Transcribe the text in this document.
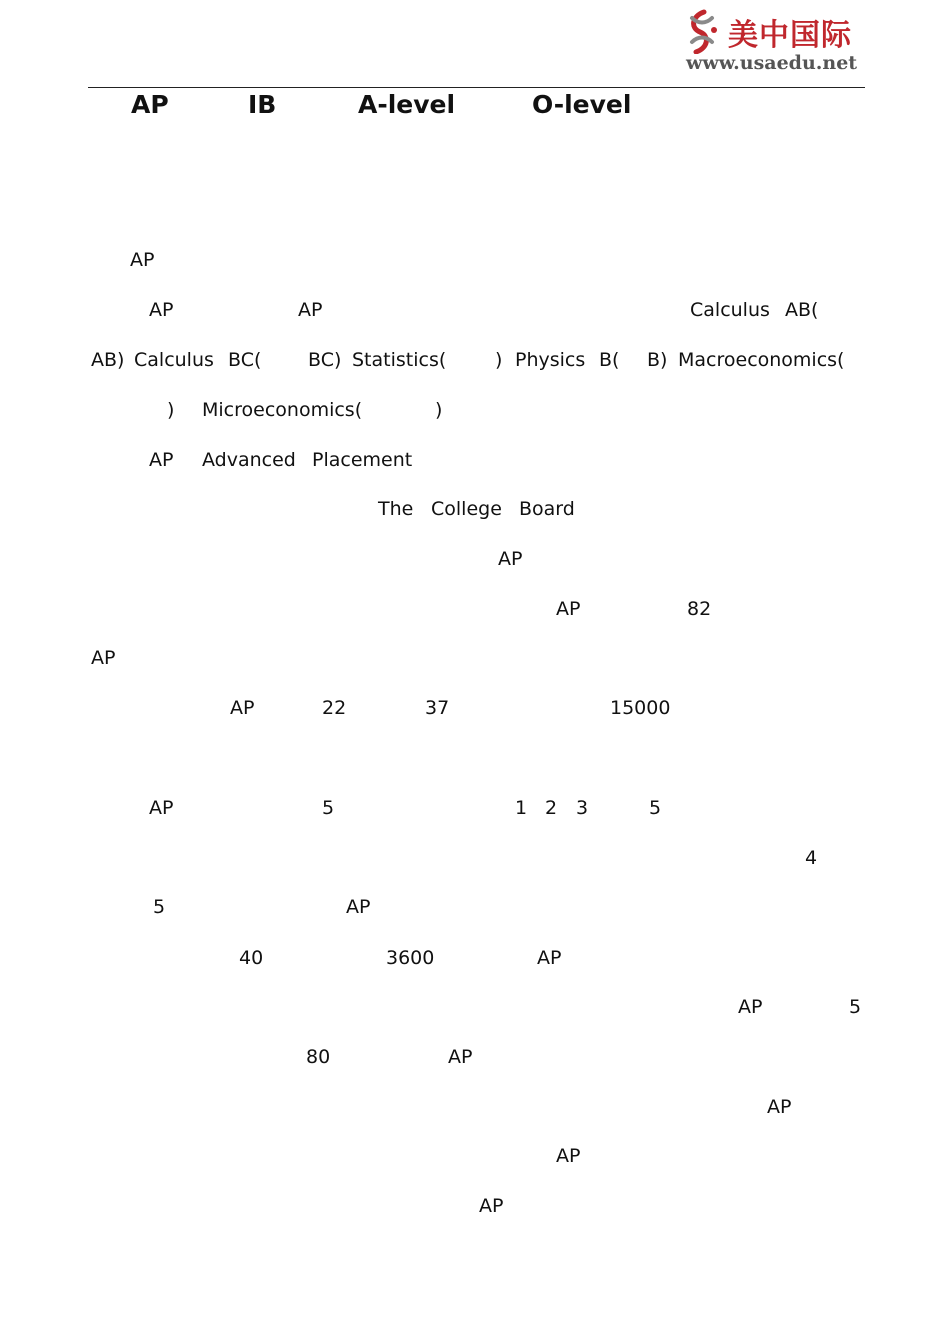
美中国际
www.usaedu.net
AP	IB	A-level	O-level
AP
AP	AP	Calculus AB(
AB) Calculus BC( BC) Statistics(	) Physics B( B) Macroeconomics(
) Microeconomics(	)
AP Advanced Placement
The College Board
AP
AP	82
AP
AP	22	37	15000
AP	5	1 2 3	5
4
5	AP
40	3600	AP
AP	5
80	AP
AP
AP
AP
